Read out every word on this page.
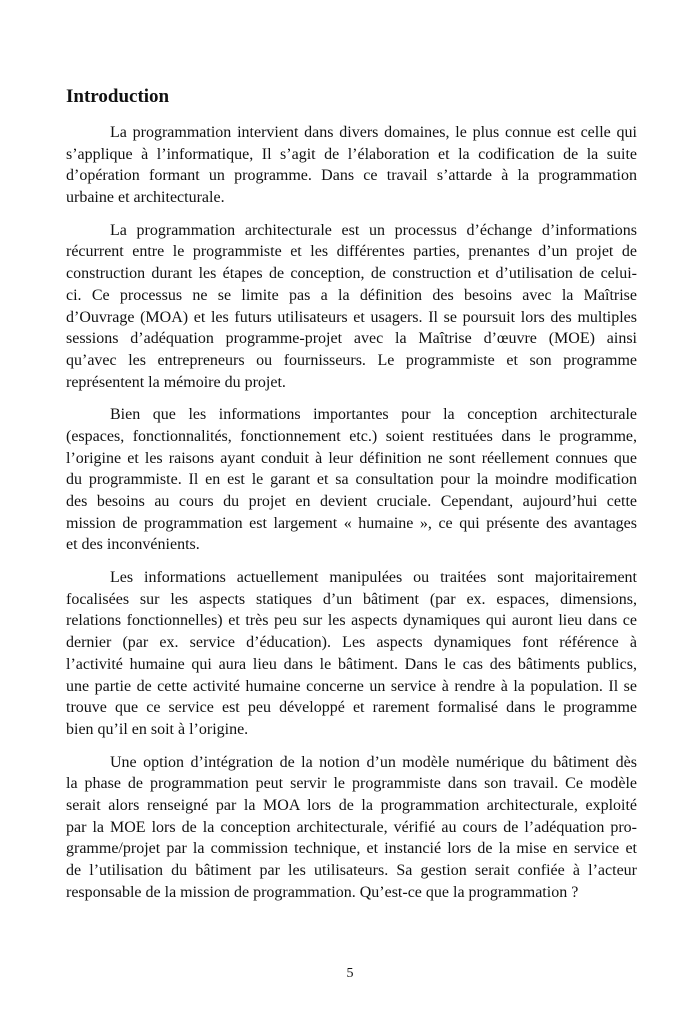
Introduction

La programmation intervient dans divers domaines, le plus connue est celle qui
s’applique à l’informatique, Il s’agit de l’élaboration et la codification de la suite
d’opération formant un programme. Dans ce travail s’attarde à la programmation
urbaine et architecturale.

La programmation architecturale est un processus d’échange d’informations
récurrent entre le programmiste et les différentes parties, prenantes d’un projet de
construction durant les étapes de conception, de construction et d’utilisation de celui-
ci. Ce processus ne se limite pas a la définition des besoins avec la Maîtrise
d’Ouvrage (MOA) et les futurs utilisateurs et usagers. Il se poursuit lors des multiples
sessions d’adéquation programme-projet avec la Maîtrise d’œuvre (MOE) ainsi
qu’avec les entrepreneurs ou fournisseurs. Le programmiste et son programme
représentent la mémoire du projet.

Bien que les informations importantes pour la conception architecturale
(espaces, fonctionnalités, fonctionnement etc.) soient restituées dans le programme,
l’origine et les raisons ayant conduit à leur définition ne sont réellement connues que
du programmiste. Il en est le garant et sa consultation pour la moindre modification
des besoins au cours du projet en devient cruciale. Cependant, aujourd’hui cette
mission de programmation est largement « humaine », ce qui présente des avantages
et des inconvénients.

Les informations actuellement manipulées ou traitées sont majoritairement
focalisées sur les aspects statiques d’un bâtiment (par ex. espaces, dimensions,
relations fonctionnelles) et très peu sur les aspects dynamiques qui auront lieu dans ce
dernier (par ex. service d’éducation). Les aspects dynamiques font référence à
l’activité humaine qui aura lieu dans le bâtiment. Dans le cas des bâtiments publics,
une partie de cette activité humaine concerne un service à rendre à la population. Il se
trouve que ce service est peu développé et rarement formalisé dans le programme
bien qu’il en soit à l’origine.

Une option d’intégration de la notion d’un modèle numérique du bâtiment dès
la phase de programmation peut servir le programmiste dans son travail. Ce modèle
serait alors renseigné par la MOA lors de la programmation architecturale, exploité
par la MOE lors de la conception architecturale, vérifié au cours de l’adéquation pro-
gramme/projet par la commission technique, et instancié lors de la mise en service et
de l’utilisation du bâtiment par les utilisateurs. Sa gestion serait confiée à l’acteur
responsable de la mission de programmation. Qu’est-ce que la programmation ?

5
